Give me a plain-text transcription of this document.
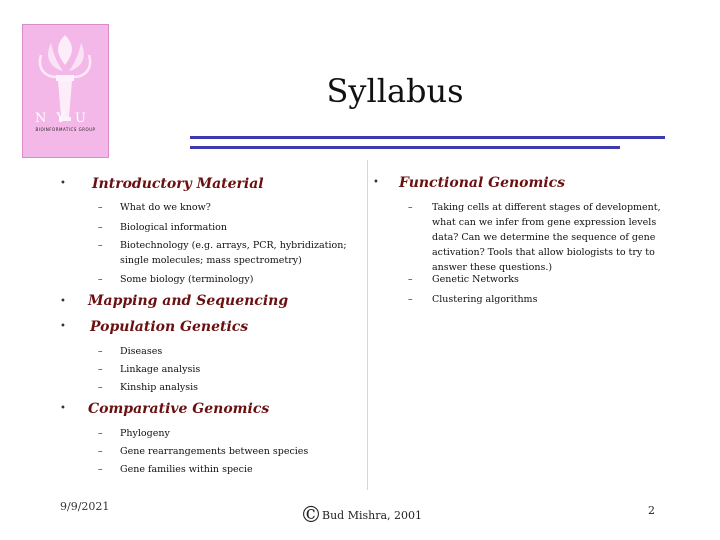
NYU
BIOINFORMATICS GROUP
Syllabus
• Introductory Material
– What do we know?
– Biological information
– Biotechnology (e.g. arrays, PCR, hybridization; single molecules; mass spectrometry)
– Some biology (terminology)
• Mapping and Sequencing
• Population Genetics
– Diseases
– Linkage analysis
– Kinship analysis
• Comparative Genomics
– Phylogeny
– Gene rearrangements between species
– Gene families within specie
• Functional Genomics
– Taking cells at different stages of development, what can we infer from gene expression levels data? Can we determine the sequence of gene activation? Tools that allow biologists to try to answer these questions.)
– Genetic Networks
– Clustering algorithms
9/9/2021	©Bud Mishra, 2001	2
